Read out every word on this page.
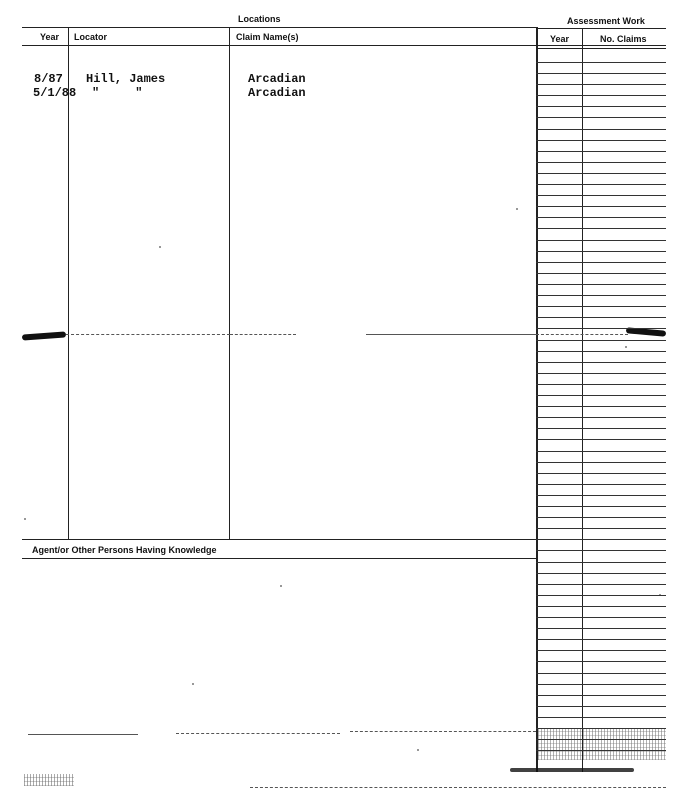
Locations	Assessment Work
Year Locator	Claim Name(s)	Year	No. Claims
8/87 Hill, James	Arcadian
5/1/88 "     "	Arcadian
Agent/or Other Persons Having Knowledge
